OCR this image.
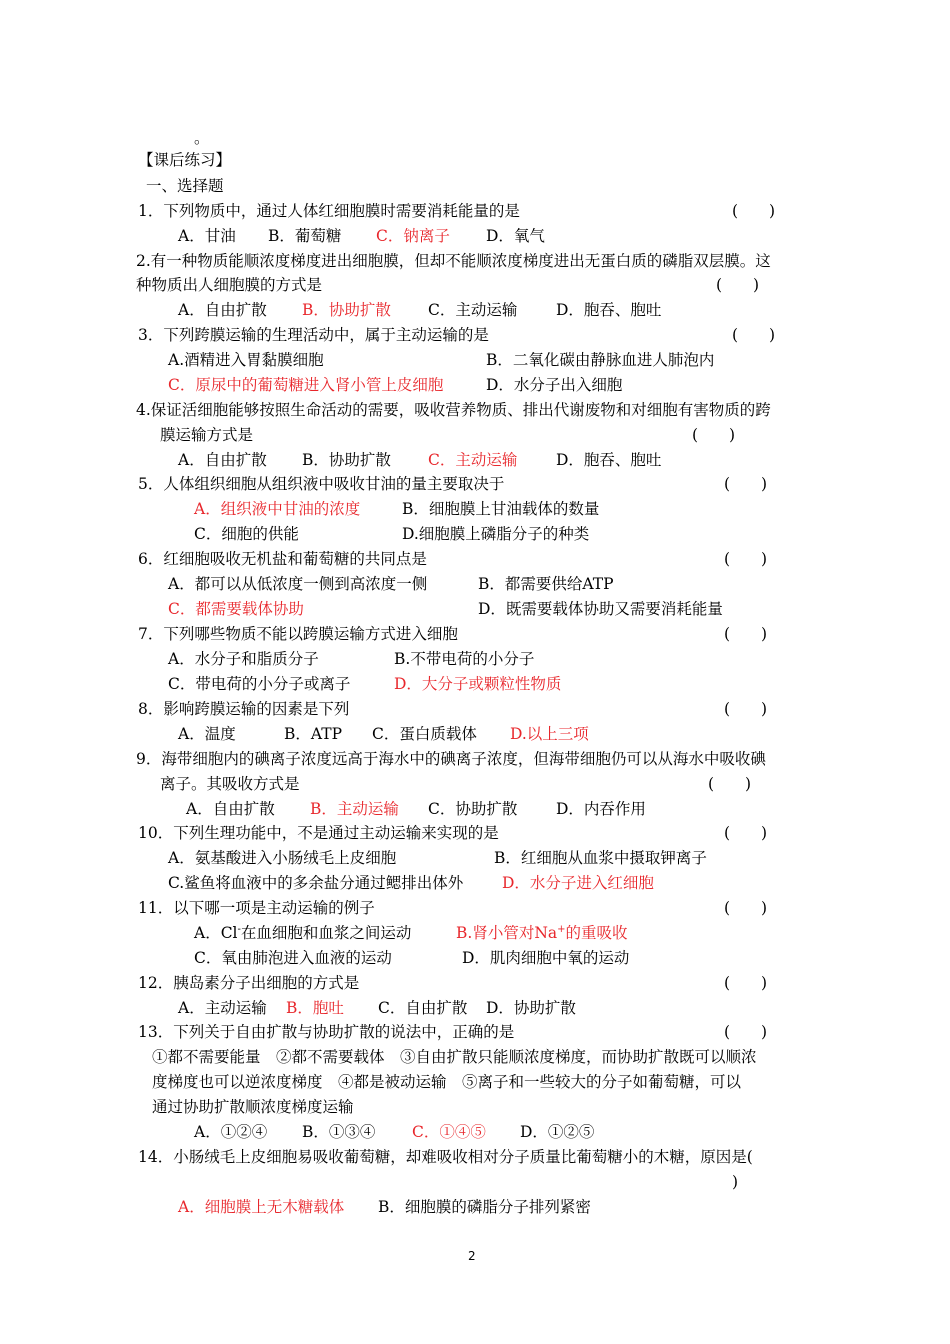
。
【课后练习】
一、选择题
1．下列物质中，通过人体红细胞膜时需要消耗能量的是	(　　)
A．甘油 B．葡萄糖 C．钠离子 D．氧气
2.有一种物质能顺浓度梯度进出细胞膜，但却不能顺浓度梯度进出无蛋白质的磷脂双层膜。这
种物质出人细胞膜的方式是	(　　)
A．自由扩散 B．协助扩散 C．主动运输 D．胞吞、胞吐
3．下列跨膜运输的生理活动中，属于主动运输的是	(　　)
A.酒精进入胃黏膜细胞	B．二氧化碳由静脉血进人肺泡内
C．原尿中的葡萄糖进入肾小管上皮细胞	D．水分子出入细胞
4.保证活细胞能够按照生命活动的需要，吸收营养物质、排出代谢废物和对细胞有害物质的跨
膜运输方式是	(　　)
A．自由扩散 B．协助扩散 C．主动运输 D．胞吞、胞吐
5．人体组织细胞从组织液中吸收甘油的量主要取决于	(　　)
A．组织液中甘油的浓度	B．细胞膜上甘油载体的数量
C．细胞的供能	D.细胞膜上磷脂分子的种类
6．红细胞吸收无机盐和葡萄糖的共同点是	(　　)
A．都可以从低浓度一侧到高浓度一侧	B．都需要供给ATP
C．都需要载体协助	D．既需要载体协助又需要消耗能量
7．下列哪些物质不能以跨膜运输方式进入细胞	(　　)
A．水分子和脂质分子	B.不带电荷的小分子
C．带电荷的小分子或离子	D．大分子或颗粒性物质
8．影响跨膜运输的因素是下列	(　　)
A．温度	B．ATP C．蛋白质载体 D.以上三项
9．海带细胞内的碘离子浓度远高于海水中的碘离子浓度，但海带细胞仍可以从海水中吸收碘
离子。其吸收方式是	(　　)
A．自由扩散 B．主动运输 C．协助扩散 D．内吞作用
10．下列生理功能中，不是通过主动运输来实现的是	(　　)
A．氨基酸进入小肠绒毛上皮细胞	B．红细胞从血浆中摄取钾离子
C.鲨鱼将血液中的多余盐分通过鳃排出体外	D．水分子进入红细胞
11．以下哪一项是主动运输的例子	(　　)
A．Cl-在血细胞和血浆之间运动	B.肾小管对Na+的重吸收
C．氧由肺泡进入血液的运动	D．肌肉细胞中氧的运动
12．胰岛素分子出细胞的方式是	(　　)
A．主动运输 B．胞吐 C．自由扩散 D．协助扩散
13．下列关于自由扩散与协助扩散的说法中，正确的是	(　　)
①都不需要能量　②都不需要载体　③自由扩散只能顺浓度梯度，而协助扩散既可以顺浓
度梯度也可以逆浓度梯度　④都是被动运输　⑤离子和一些较大的分子如葡萄糖，可以
通过协助扩散顺浓度梯度运输
A．①②④ B．①③④ C．①④⑤ D．①②⑤
14．小肠绒毛上皮细胞易吸收葡萄糖，却难吸收相对分子质量比葡萄糖小的木糖，原因是(
)
A．细胞膜上无木糖载体 B．细胞膜的磷脂分子排列紧密
2
